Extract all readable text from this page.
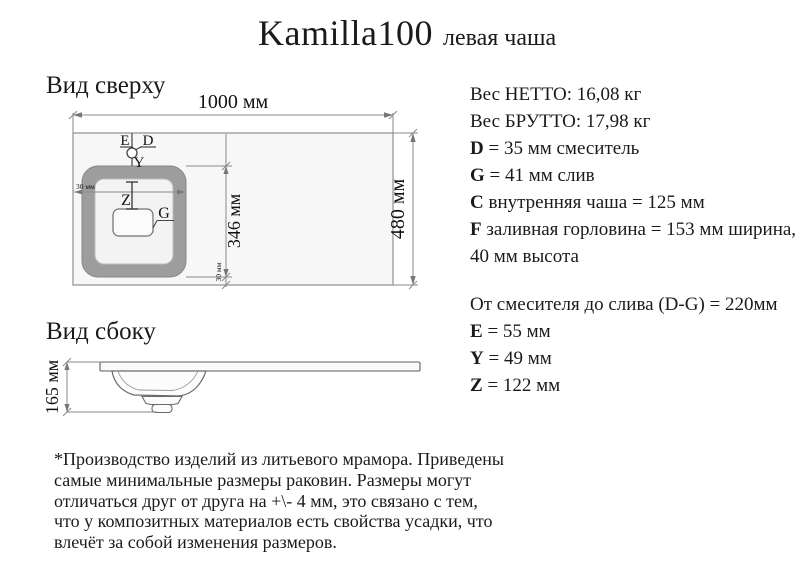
Kamilla100 левая чаша
Вид сверху
1000 мм
480 мм
346 мм
30 мм
30 мм
E D
Y
Z
G
Вид сбоку
165 мм
Вес НЕТТО: 16,08 кг
Вес БРУТТО: 17,98 кг
D = 35 мм смеситель
G = 41 мм слив
C внутренняя чаша = 125 мм
F заливная горловина = 153 мм ширина,
40 мм высота
От смесителя до слива (D-G) = 220мм
E = 55 мм
Y = 49 мм
Z = 122 мм
*Производство изделий из литьевого мрамора. Приведены самые минимальные размеры раковин. Размеры могут отличаться друг от друга на +\- 4 мм, это связано с тем, что у композитных материалов есть свойства усадки, что влечёт за собой изменения размеров.
